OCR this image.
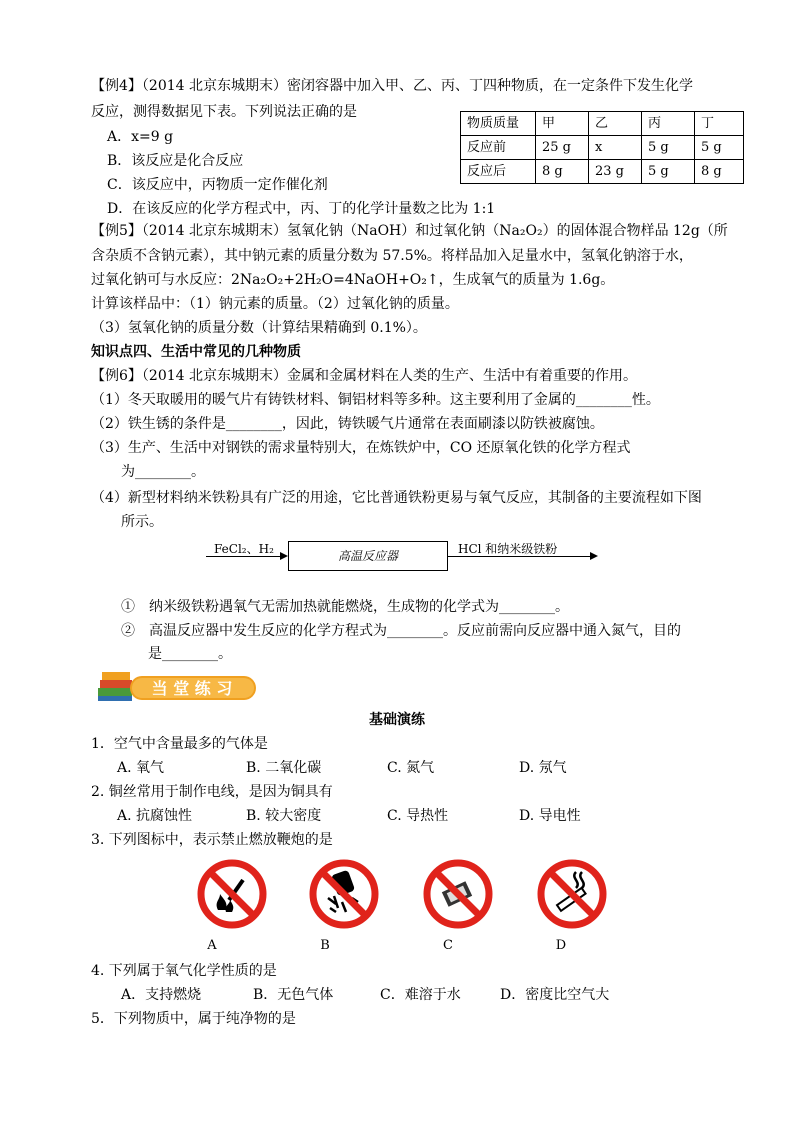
【例4】（2014 北京东城期末）密闭容器中加入甲、乙、丙、丁四种物质，在一定条件下发生化学
反应，测得数据见下表。下列说法正确的是
A．x=9 g
B．该反应是化合反应
C．该反应中，丙物质一定作催化剂
D．在该反应的化学方程式中，丙、丁的化学计量数之比为 1:1
物质质量	甲	乙	丙	丁
反应前	25 g	x	5 g	5 g
反应后	8 g	23 g	5 g	8 g
【例5】（2014 北京东城期末）氢氧化钠（NaOH）和过氧化钠（Na₂O₂）的固体混合物样品 12g（所
含杂质不含钠元素），其中钠元素的质量分数为 57.5%。将样品加入足量水中，氢氧化钠溶于水，
过氧化钠可与水反应：2Na₂O₂+2H₂O=4NaOH+O₂↑，生成氧气的质量为 1.6g。
计算该样品中：（1）钠元素的质量。（2）过氧化钠的质量。
（3）氢氧化钠的质量分数（计算结果精确到 0.1%）。
知识点四、生活中常见的几种物质
【例6】（2014 北京东城期末）金属和金属材料在人类的生产、生活中有着重要的作用。
（1）冬天取暖用的暖气片有铸铁材料、铜铝材料等多种。这主要利用了金属的________性。
（2）铁生锈的条件是________，因此，铸铁暖气片通常在表面刷漆以防铁被腐蚀。
（3）生产、生活中对钢铁的需求量特别大，在炼铁炉中，CO 还原氧化铁的化学方程式
为________。
（4）新型材料纳米铁粉具有广泛的用途，它比普通铁粉更易与氧气反应，其制备的主要流程如下图
所示。
FeCl₂、H₂	高温反应器	HCl 和纳米级铁粉
①　纳米级铁粉遇氧气无需加热就能燃烧，生成物的化学式为________。
②　高温反应器中发生反应的化学方程式为________。反应前需向反应器中通入氮气，目的
是________。
当 堂 练 习
基础演练
1．空气中含量最多的气体是
A. 氧气	B. 二氧化碳	C. 氮气	D. 氖气
2. 铜丝常用于制作电线，是因为铜具有
A. 抗腐蚀性	B. 较大密度	C. 导热性	D. 导电性
3. 下列图标中，表示禁止燃放鞭炮的是
A	B	C	D
4. 下列属于氧气化学性质的是
A．支持燃烧	B．无色气体	C．难溶于水	D．密度比空气大
5．下列物质中，属于纯净物的是
